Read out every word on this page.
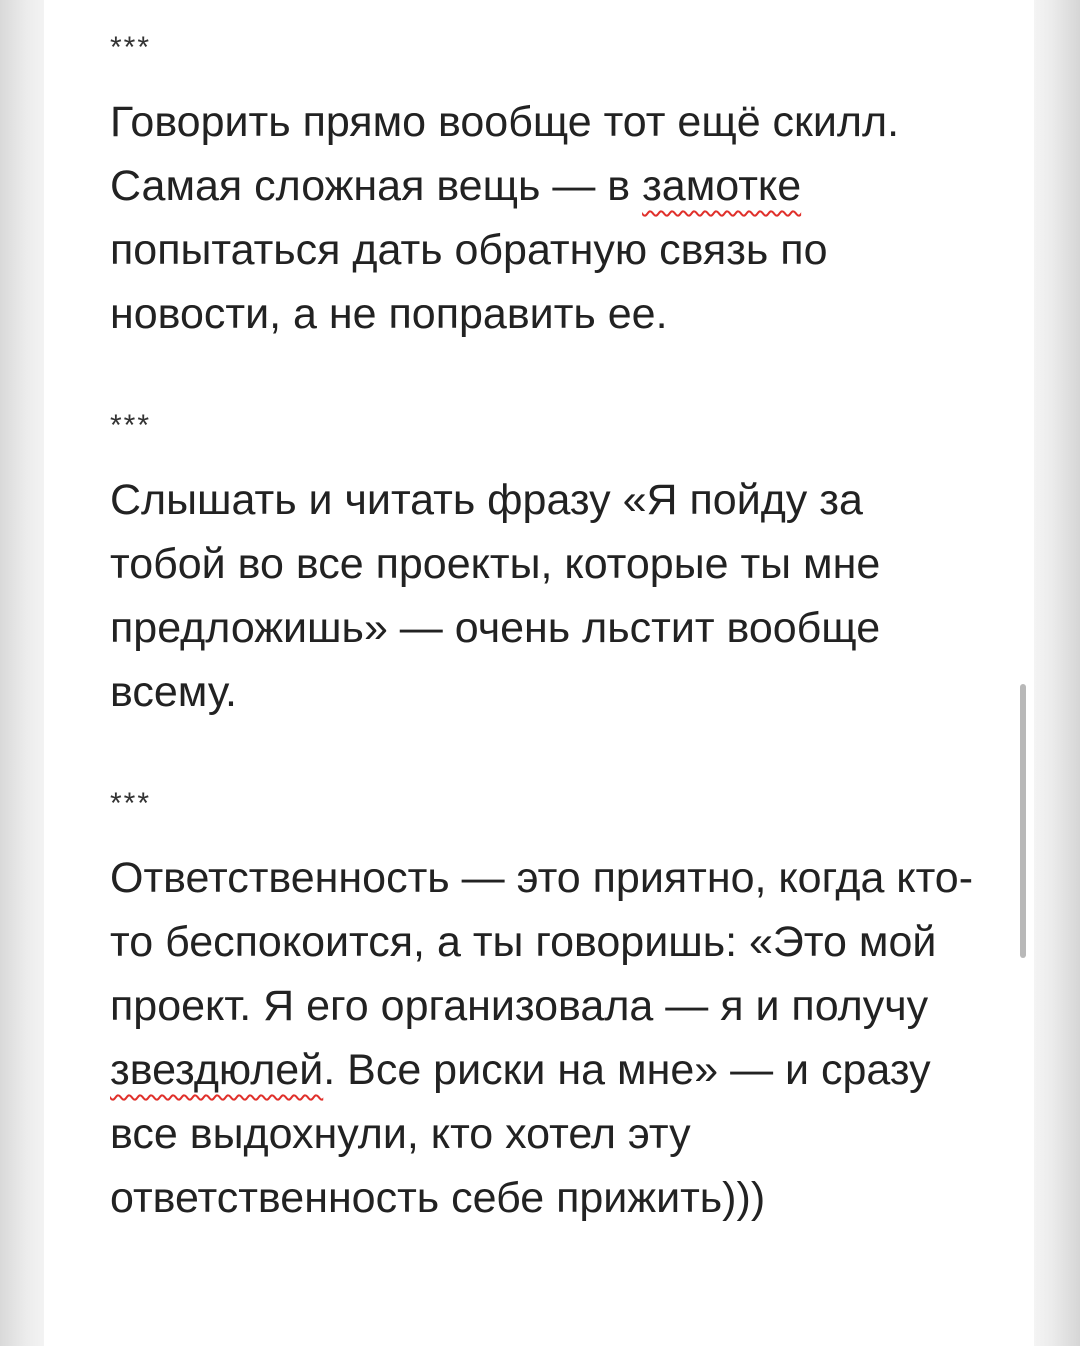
***

Говорить прямо вообще тот ещё скилл. Самая сложная вещь — в замотке попытаться дать обратную связь по новости, а не поправить ее.

***

Слышать и читать фразу «Я пойду за тобой во все проекты, которые ты мне предложишь» — очень льстит вообще всему.

***

Ответственность — это приятно, когда кто-то беспокоится, а ты говоришь: «Это мой проект. Я его организовала — я и получу звездюлей. Все риски на мне» — и сразу все выдохнули, кто хотел эту ответственность себе прижить)))
